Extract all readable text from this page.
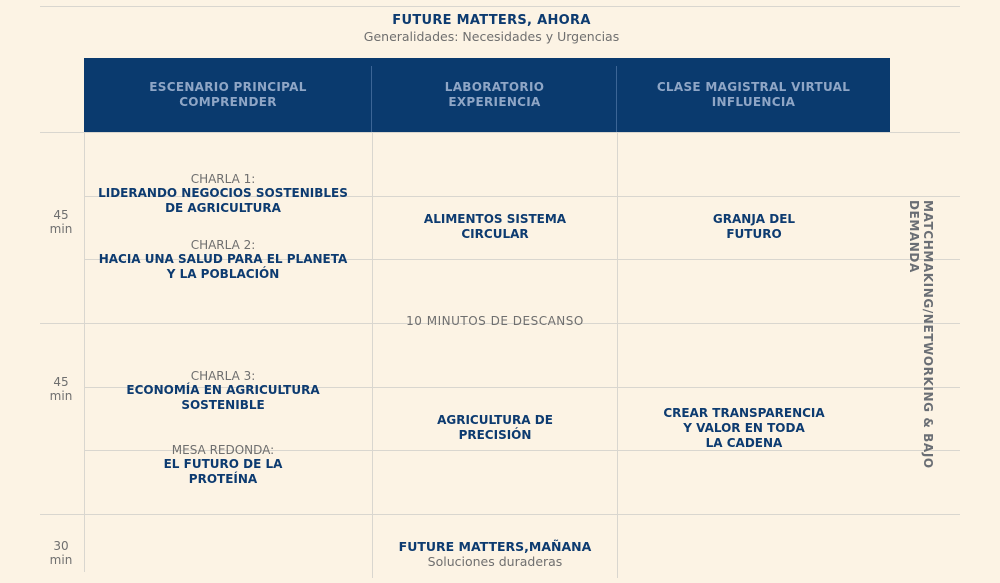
FUTURE MATTERS, AHORA
Generalidades: Necesidades y Urgencias
ESCENARIO PRINCIPAL
COMPRENDER
LABORATORIO
EXPERIENCIA
CLASE MAGISTRAL VIRTUAL
INFLUENCIA
45
min
45
min
30
min
CHARLA 1:
LIDERANDO NEGOCIOS SOSTENIBLES
DE AGRICULTURA
CHARLA 2:
HACIA UNA SALUD PARA EL PLANETA
Y LA POBLACIÓN
ALIMENTOS SISTEMA
CIRCULAR
GRANJA DEL
FUTURO
10 MINUTOS DE DESCANSO
CHARLA 3:
ECONOMÍA EN AGRICULTURA
SOSTENIBLE
MESA REDONDA:
EL FUTURO DE LA
PROTEÍNA
AGRICULTURA DE
PRECISIÓN
CREAR TRANSPARENCIA
Y VALOR EN TODA
LA CADENA
FUTURE MATTERS,MAÑANA
Soluciones duraderas
MATCHMAKING/NETWORKING & BAJO DEMANDA
